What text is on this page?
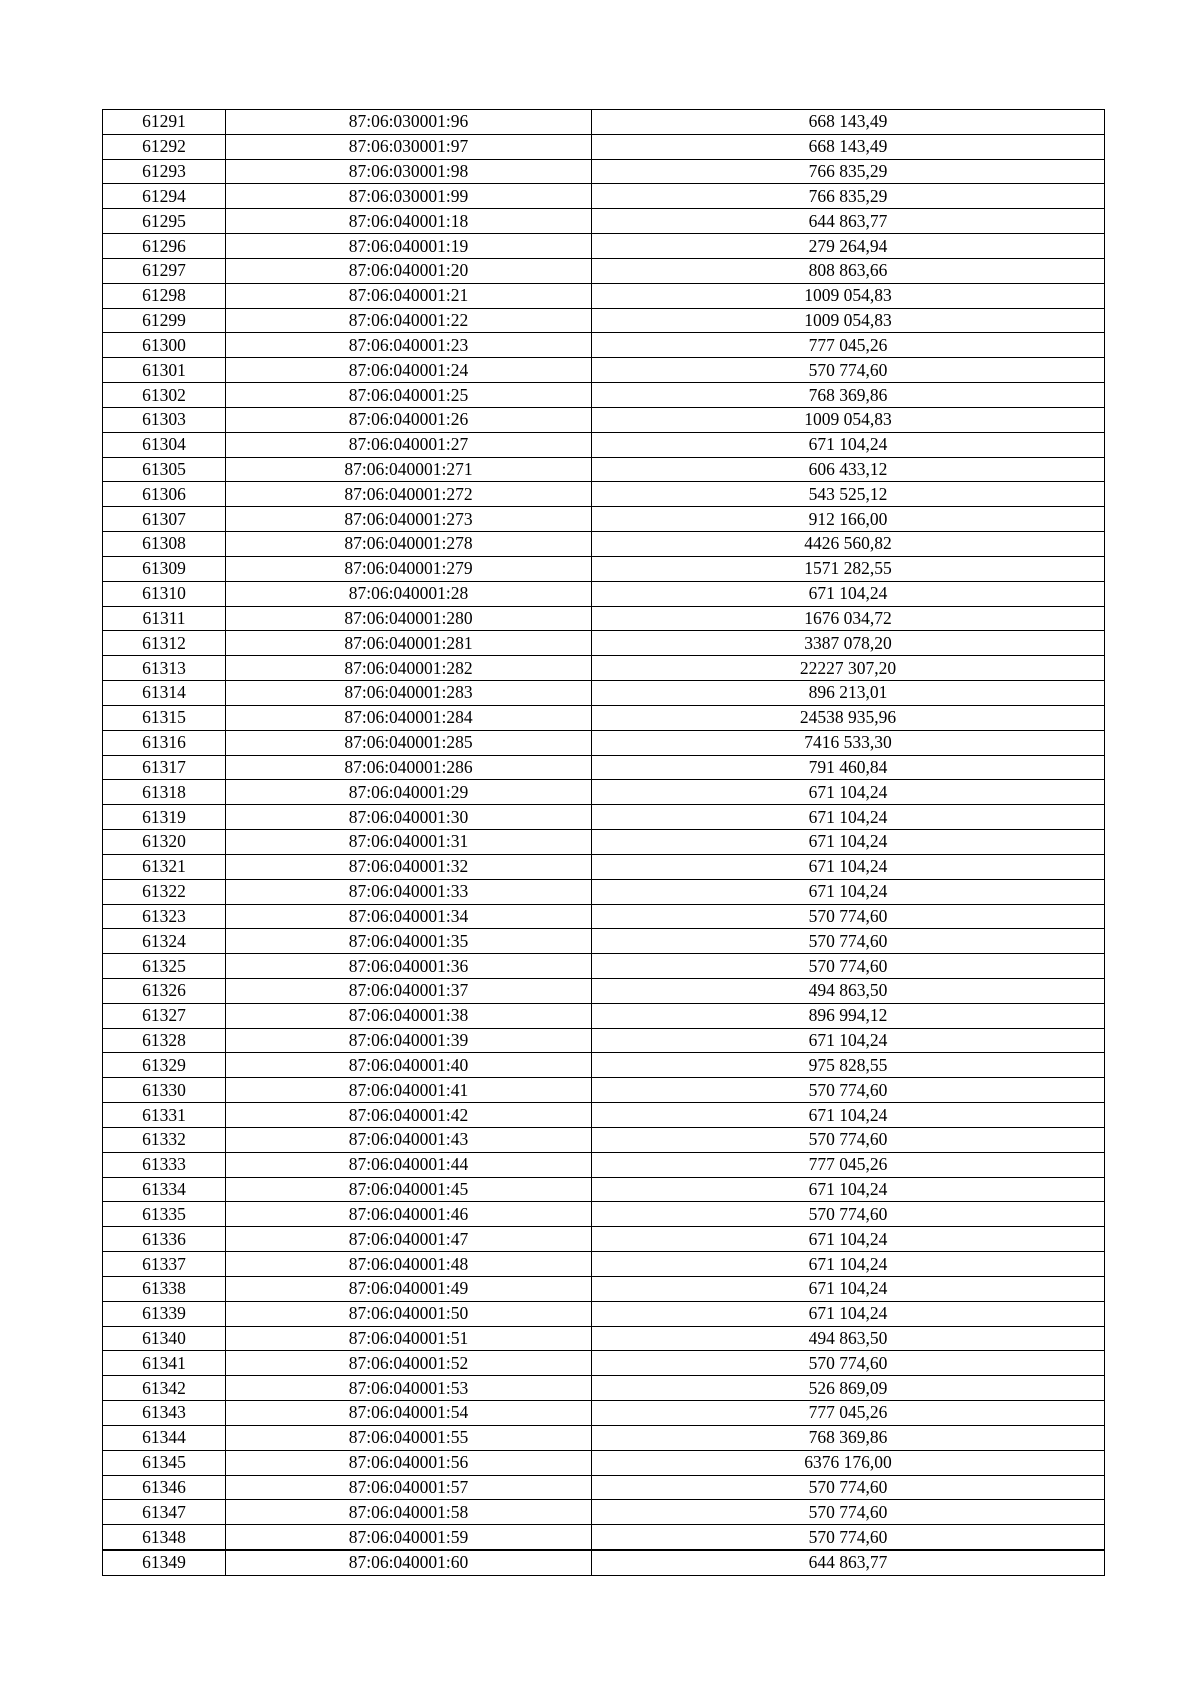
61291	87:06:030001:96	668 143,49
61292	87:06:030001:97	668 143,49
61293	87:06:030001:98	766 835,29
61294	87:06:030001:99	766 835,29
61295	87:06:040001:18	644 863,77
61296	87:06:040001:19	279 264,94
61297	87:06:040001:20	808 863,66
61298	87:06:040001:21	1009 054,83
61299	87:06:040001:22	1009 054,83
61300	87:06:040001:23	777 045,26
61301	87:06:040001:24	570 774,60
61302	87:06:040001:25	768 369,86
61303	87:06:040001:26	1009 054,83
61304	87:06:040001:27	671 104,24
61305	87:06:040001:271	606 433,12
61306	87:06:040001:272	543 525,12
61307	87:06:040001:273	912 166,00
61308	87:06:040001:278	4426 560,82
61309	87:06:040001:279	1571 282,55
61310	87:06:040001:28	671 104,24
61311	87:06:040001:280	1676 034,72
61312	87:06:040001:281	3387 078,20
61313	87:06:040001:282	22227 307,20
61314	87:06:040001:283	896 213,01
61315	87:06:040001:284	24538 935,96
61316	87:06:040001:285	7416 533,30
61317	87:06:040001:286	791 460,84
61318	87:06:040001:29	671 104,24
61319	87:06:040001:30	671 104,24
61320	87:06:040001:31	671 104,24
61321	87:06:040001:32	671 104,24
61322	87:06:040001:33	671 104,24
61323	87:06:040001:34	570 774,60
61324	87:06:040001:35	570 774,60
61325	87:06:040001:36	570 774,60
61326	87:06:040001:37	494 863,50
61327	87:06:040001:38	896 994,12
61328	87:06:040001:39	671 104,24
61329	87:06:040001:40	975 828,55
61330	87:06:040001:41	570 774,60
61331	87:06:040001:42	671 104,24
61332	87:06:040001:43	570 774,60
61333	87:06:040001:44	777 045,26
61334	87:06:040001:45	671 104,24
61335	87:06:040001:46	570 774,60
61336	87:06:040001:47	671 104,24
61337	87:06:040001:48	671 104,24
61338	87:06:040001:49	671 104,24
61339	87:06:040001:50	671 104,24
61340	87:06:040001:51	494 863,50
61341	87:06:040001:52	570 774,60
61342	87:06:040001:53	526 869,09
61343	87:06:040001:54	777 045,26
61344	87:06:040001:55	768 369,86
61345	87:06:040001:56	6376 176,00
61346	87:06:040001:57	570 774,60
61347	87:06:040001:58	570 774,60
61348	87:06:040001:59	570 774,60
61349	87:06:040001:60	644 863,77
